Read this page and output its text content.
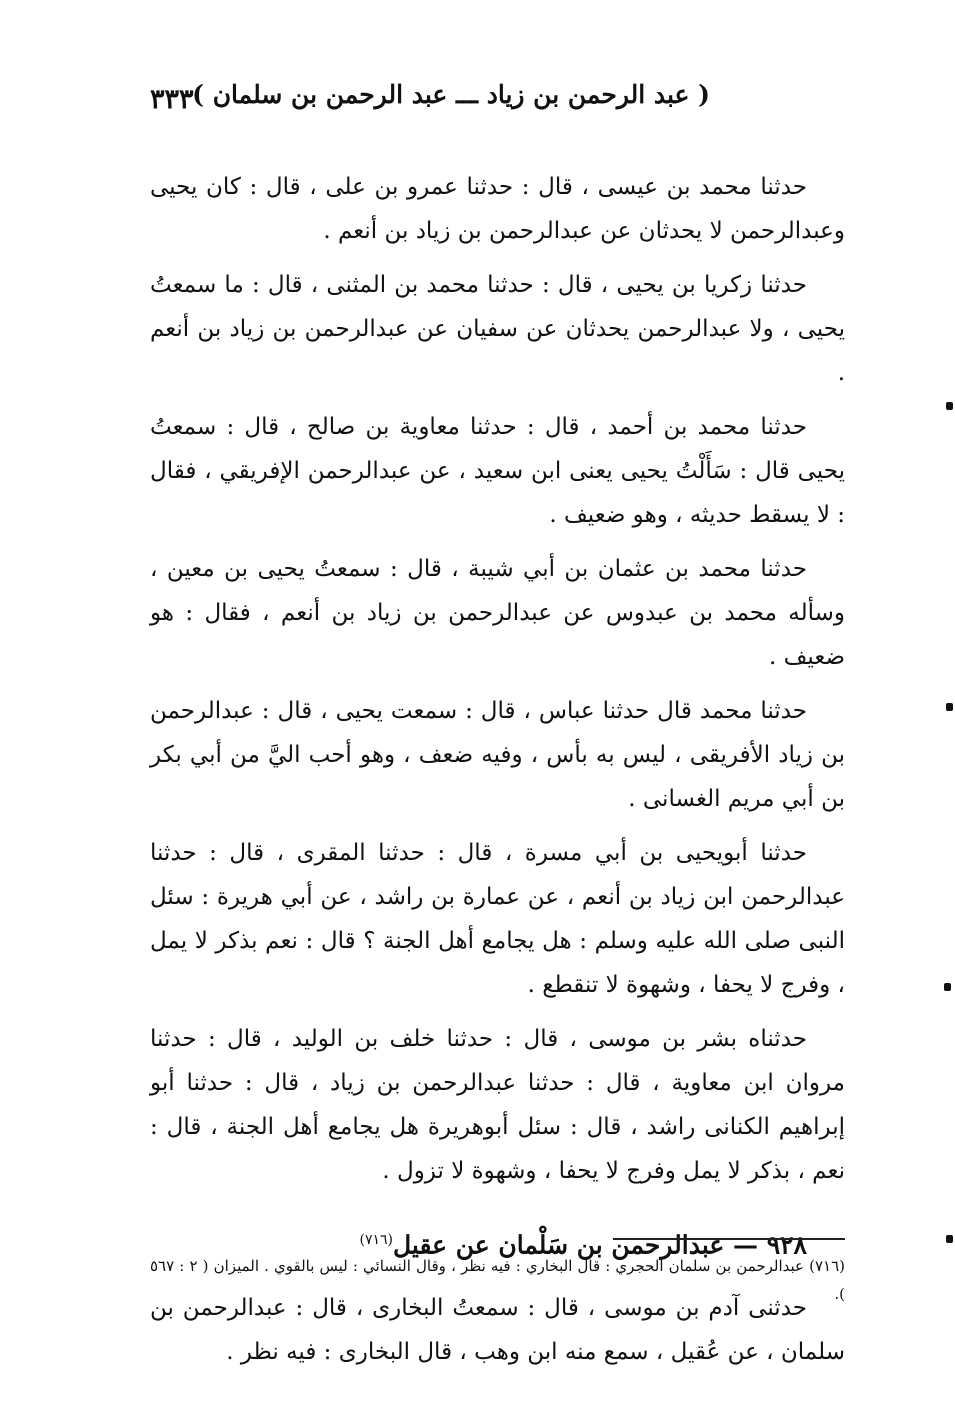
( عبد الرحمن بن زياد ـــ عبد الرحمن بن سلمان )
٣٣٣

حدثنا محمد بن عيسى ، قال : حدثنا عمرو بن على ، قال : كان يحيى وعبدالرحمن لا يحدثان عن عبدالرحمن بن زياد بن أنعم .

حدثنا زكريا بن يحيى ، قال : حدثنا محمد بن المثنى ، قال : ما سمعتُ يحيى ، ولا عبدالرحمن يحدثان عن سفيان عن عبدالرحمن بن زياد بن أنعم .

حدثنا محمد بن أحمد ، قال : حدثنا معاوية بن صالح ، قال : سمعتُ يحيى قال : سَأَلْتُ يحيى يعنى ابن سعيد ، عن عبدالرحمن الإفريقي ، فقال : لا يسقط حديثه ، وهو ضعيف .

حدثنا محمد بن عثمان بن أبي شيبة ، قال : سمعتُ يحيى بن معين ، وسأله محمد بن عبدوس عن عبدالرحمن بن زياد بن أنعم ، فقال : هو ضعيف .

حدثنا محمد قال حدثنا عباس ، قال : سمعت يحيى ، قال : عبدالرحمن بن زياد الأفريقى ، ليس به بأس ، وفيه ضعف ، وهو أحب اليَّ من أبي بكر بن أبي مريم الغسانى .

حدثنا أبويحيى بن أبي مسرة ، قال : حدثنا المقرى ، قال : حدثنا عبدالرحمن ابن زياد بن أنعم ، عن عمارة بن راشد ، عن أبي هريرة : سئل النبى صلى الله عليه وسلم : هل يجامع أهل الجنة ؟ قال : نعم بذكر لا يمل ، وفرج لا يحفا ، وشهوة لا تنقطع .

حدثناه بشر بن موسى ، قال : حدثنا خلف بن الوليد ، قال : حدثنا مروان ابن معاوية ، قال : حدثنا عبدالرحمن بن زياد ، قال : حدثنا أبو إبراهيم الكنانى راشد ، قال : سئل أبوهريرة هل يجامع أهل الجنة ، قال : نعم ، بذكر لا يمل وفرج لا يحفا ، وشهوة لا تزول .

٩٢٨ — عبدالرحمن بن سَلْمان عن عقيل$^{(٧١٦)}$

حدثنى آدم بن موسى ، قال : سمعتُ البخارى ، قال : عبدالرحمن بن سلمان ، عن عُقيل ، سمع منه ابن وهب ، قال البخارى : فيه نظر .

(٧١٦) عبدالرحمن بن سلمان الحجري : قال البخاري : فيه نظر ، وقال النسائي : ليس بالقوي . الميزان ( ٢ : ٥٦٧ ).
